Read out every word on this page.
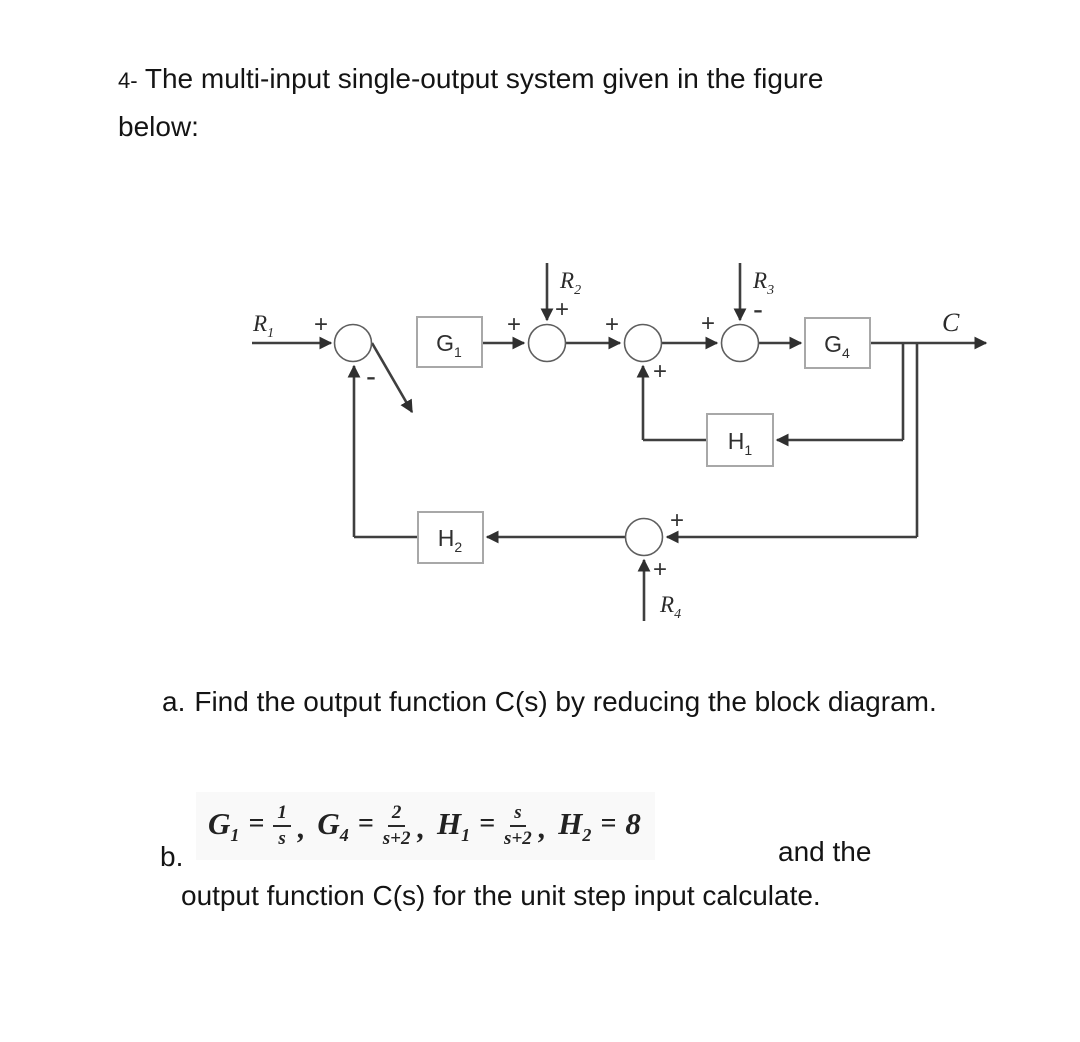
4- The multi-input single-output system given in the figure
below:
$G_1$	$G_4$
$H_1$
$H_2$
$R_1$
$R_2$	$R_3$
$R_4$
C
+
-
+
+
+
+
+ -
+
+
a. Find the output function C(s) by reducing the block diagram.
b.
$G_1 = \frac{1}{s}$ , $G_4 = \frac{2}{s+2}$ , $H_1 = \frac{s}{s+2}$ , $H_2 = 8$
and the
output function C(s) for the unit step input calculate.
